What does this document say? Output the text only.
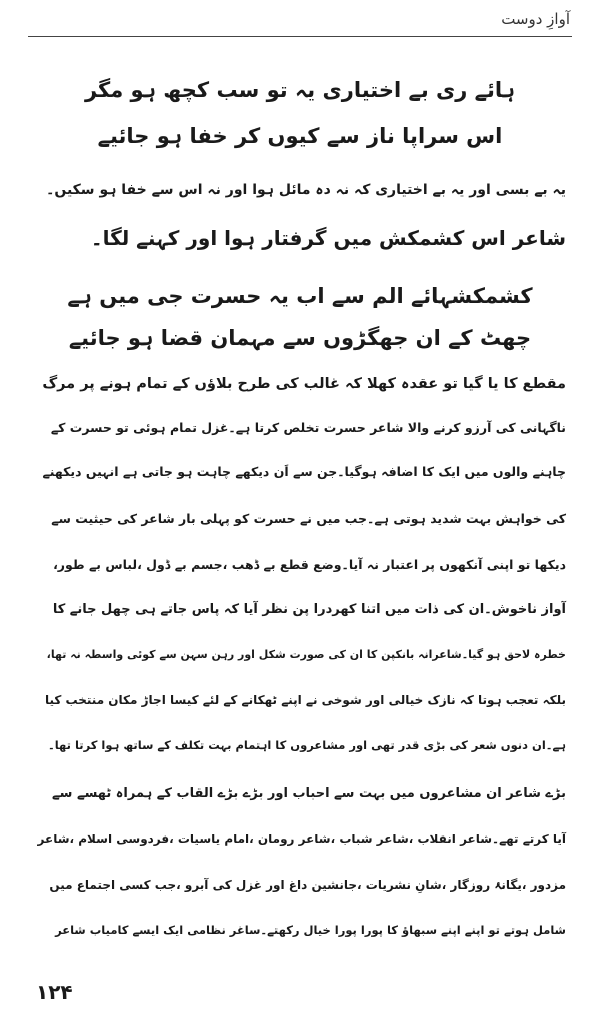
آوازِ دوست
ہائے ری بے اختیاری یہ تو سب کچھ ہو مگر
اس سراپا ناز سے کیوں کر خفا ہو جائیے
یہ بے بسی اور یہ بے اختیاری کہ نہ دہ مائل ہوا اور نہ اس سے خفا ہو سکیں۔
شاعر اس کشمکش میں گرفتار ہوا اور کہنے لگا۔
کشمکشہائے الم سے اب یہ حسرت جی میں ہے
چھٹ کے ان جھگڑوں سے مہمان قضا ہو جائیے
مقطع کا یا گیا تو عقدہ کھلا کہ غالب کی طرح بلاؤں کے تمام ہونے پر مرگ
ناگہانی کی آرزو کرنے والا شاعر حسرت تخلص کرتا ہے۔غزل تمام ہوئی تو حسرت کے
چاہنے والوں میں ایک کا اضافہ ہوگیا۔جن سے اَن دیکھے چاہت ہو جاتی ہے انہیں دیکھنے
کی خواہش بہت شدید ہوتی ہے۔جب میں نے حسرت کو پہلی بار شاعر کی حیثیت سے
دیکھا تو اپنی آنکھوں پر اعتبار نہ آیا۔وضع قطع بے ڈھب ،جسم بے ڈول ،لباس بے طور،
آواز ناخوش۔ان کی ذات میں اتنا کھردرا پن نظر آیا کہ پاس جاتے ہی چھل جانے کا
خطرہ لاحق ہو گیا۔شاعرانہ بانکپن کا ان کی صورت شکل اور رہن سہن سے کوئی واسطہ نہ تھا،
بلکہ تعجب ہوتا کہ نازک خیالی اور شوخی نے اپنے ٹھکانے کے لئے کیسا اجاڑ مکان منتخب کیا
ہے۔ان دنوں شعر کی بڑی قدر تھی اور مشاعروں کا اہتمام بہت تکلف کے ساتھ ہوا کرتا تھا۔
بڑے شاعر ان مشاعروں میں بہت سے احباب اور بڑے بڑے القاب کے ہمراہ ٹھسے سے
آیا کرتے تھے۔شاعر انقلاب ،شاعر شباب ،شاعر رومان ،امام یاسیات ،فردوسی اسلام ،شاعر
مزدور ،یگانۂ روزگار ،شانِ نشریات ،جانشین داغ اور غزل کی آبرو ،جب کسی اجتماع میں
شامل ہوتے تو اپنے اپنے سبھاؤ کا پورا پورا خیال رکھتے۔ساغر نظامی ایک ایسے کامیاب شاعر
۱۲۴
